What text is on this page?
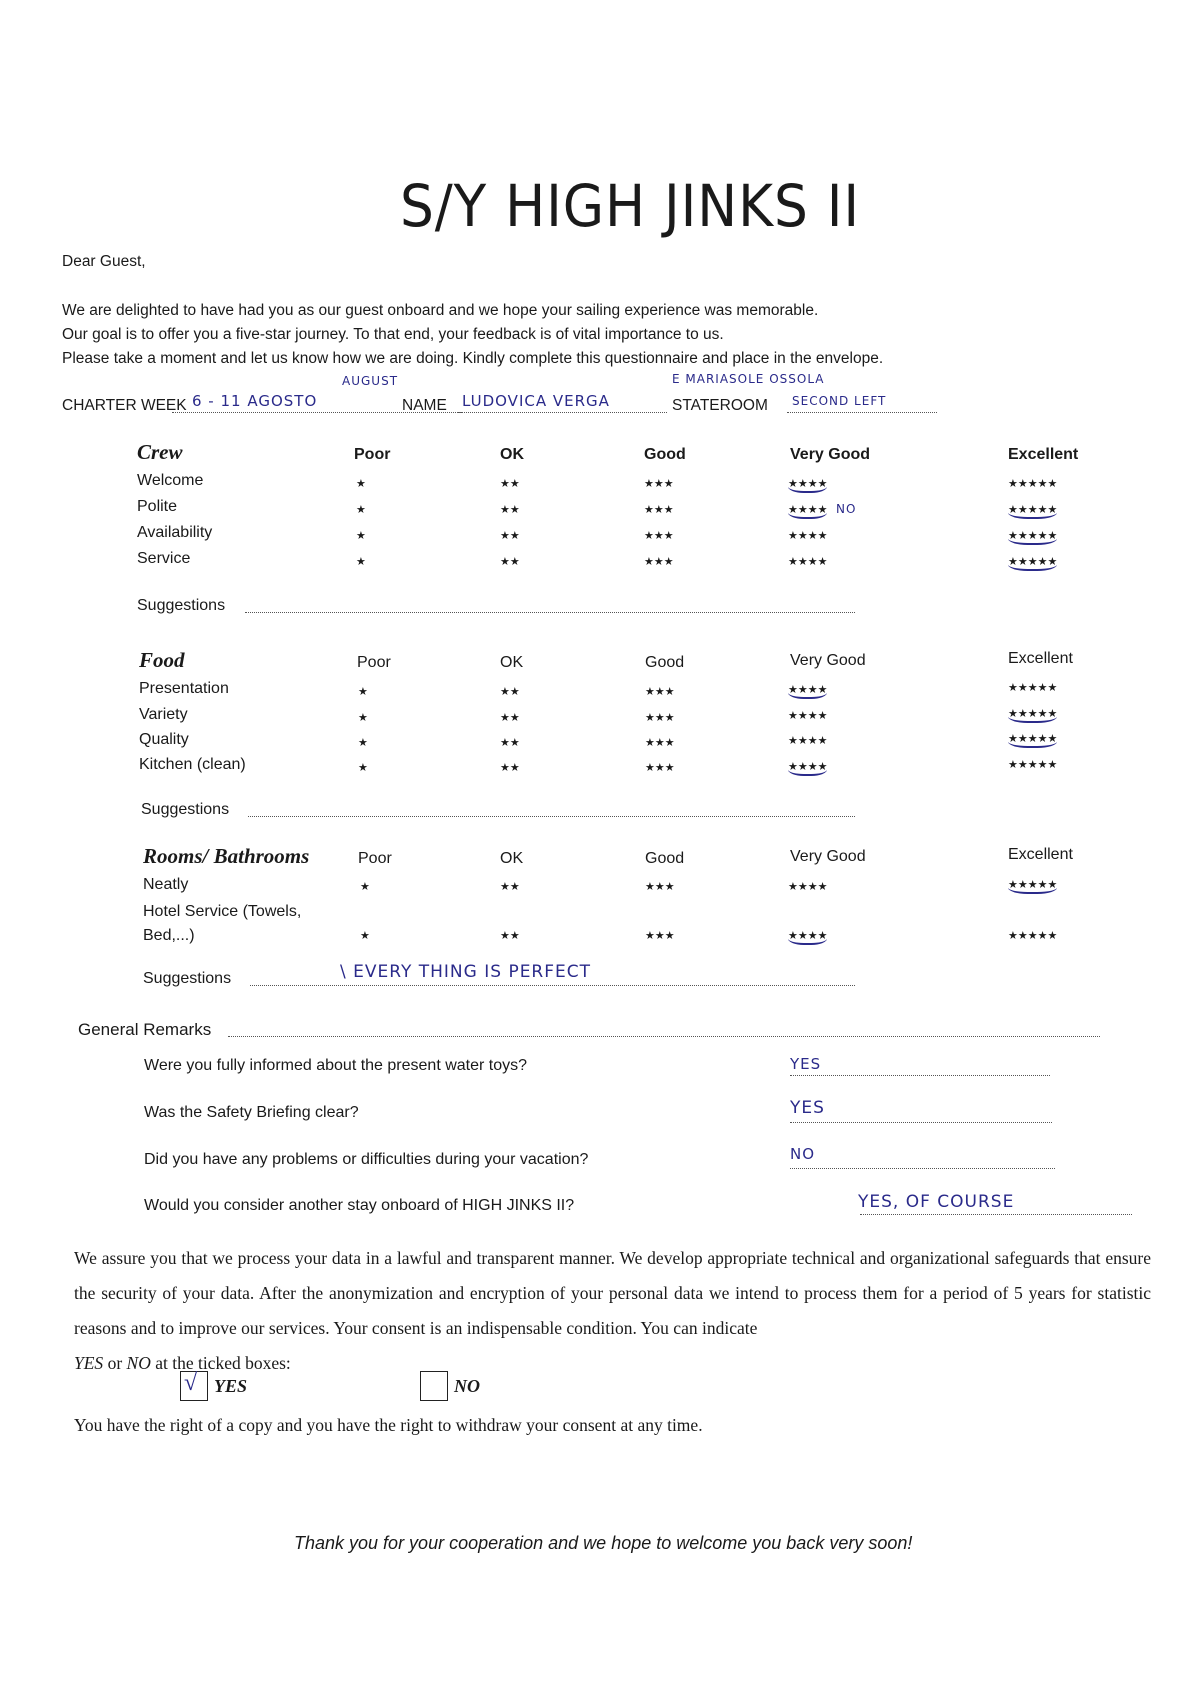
S/Y HIGH JINKS II
Dear Guest,
We are delighted to have had you as our guest onboard and we hope your sailing experience was memorable.
Our goal is to offer you a five-star journey. To that end, your feedback is of vital importance to us.
Please take a moment and let us know how we are doing. Kindly complete this questionnaire and place in the envelope.
CHARTER WEEK 6 - 11 AGOSTO
AUGUST
NAME LUDOVICA VERGA
E MARIASOLE OSSOLA
STATEROOM SECOND LEFT
Crew	Poor	OK	Good	Very Good	Excellent
Welcome	★	★★	★★★	★★★★	★★★★★
Polite	★	★★	★★★	★★★★ NO	★★★★★
Availability	★	★★	★★★	★★★★	★★★★★
Service	★	★★	★★★	★★★★	★★★★★
Suggestions
Food	Poor	OK	Good	Very Good	Excellent
Presentation	★	★★	★★★	★★★★	★★★★★
Variety	★	★★	★★★	★★★★	★★★★★
Quality	★	★★	★★★	★★★★	★★★★★
Kitchen (clean)	★	★★	★★★	★★★★	★★★★★
Suggestions
Rooms/ Bathrooms	Poor	OK	Good	Very Good	Excellent
Neatly	★	★★	★★★	★★★★	★★★★★
Hotel Service (Towels, Bed,...)	★	★★	★★★	★★★★	★★★★★
Suggestions	\ EVERY THING IS PERFECT
General Remarks
Were you fully informed about the present water toys?	YES
Was the Safety Briefing clear?	YES
Did you have any problems or difficulties during your vacation?	NO
Would you consider another stay onboard of HIGH JINKS II?	YES, OF COURSE
We assure you that we process your data in a lawful and transparent manner. We develop appropriate technical and organizational safeguards that ensure the security of your data. After the anonymization and encryption of your personal data we intend to process them for a period of 5 years for statistic reasons and to improve our services. Your consent is an indispensable condition. You can indicate
YES or NO at the ticked boxes:
√ YES	NO
You have the right of a copy and you have the right to withdraw your consent at any time.
Thank you for your cooperation and we hope to welcome you back very soon!
